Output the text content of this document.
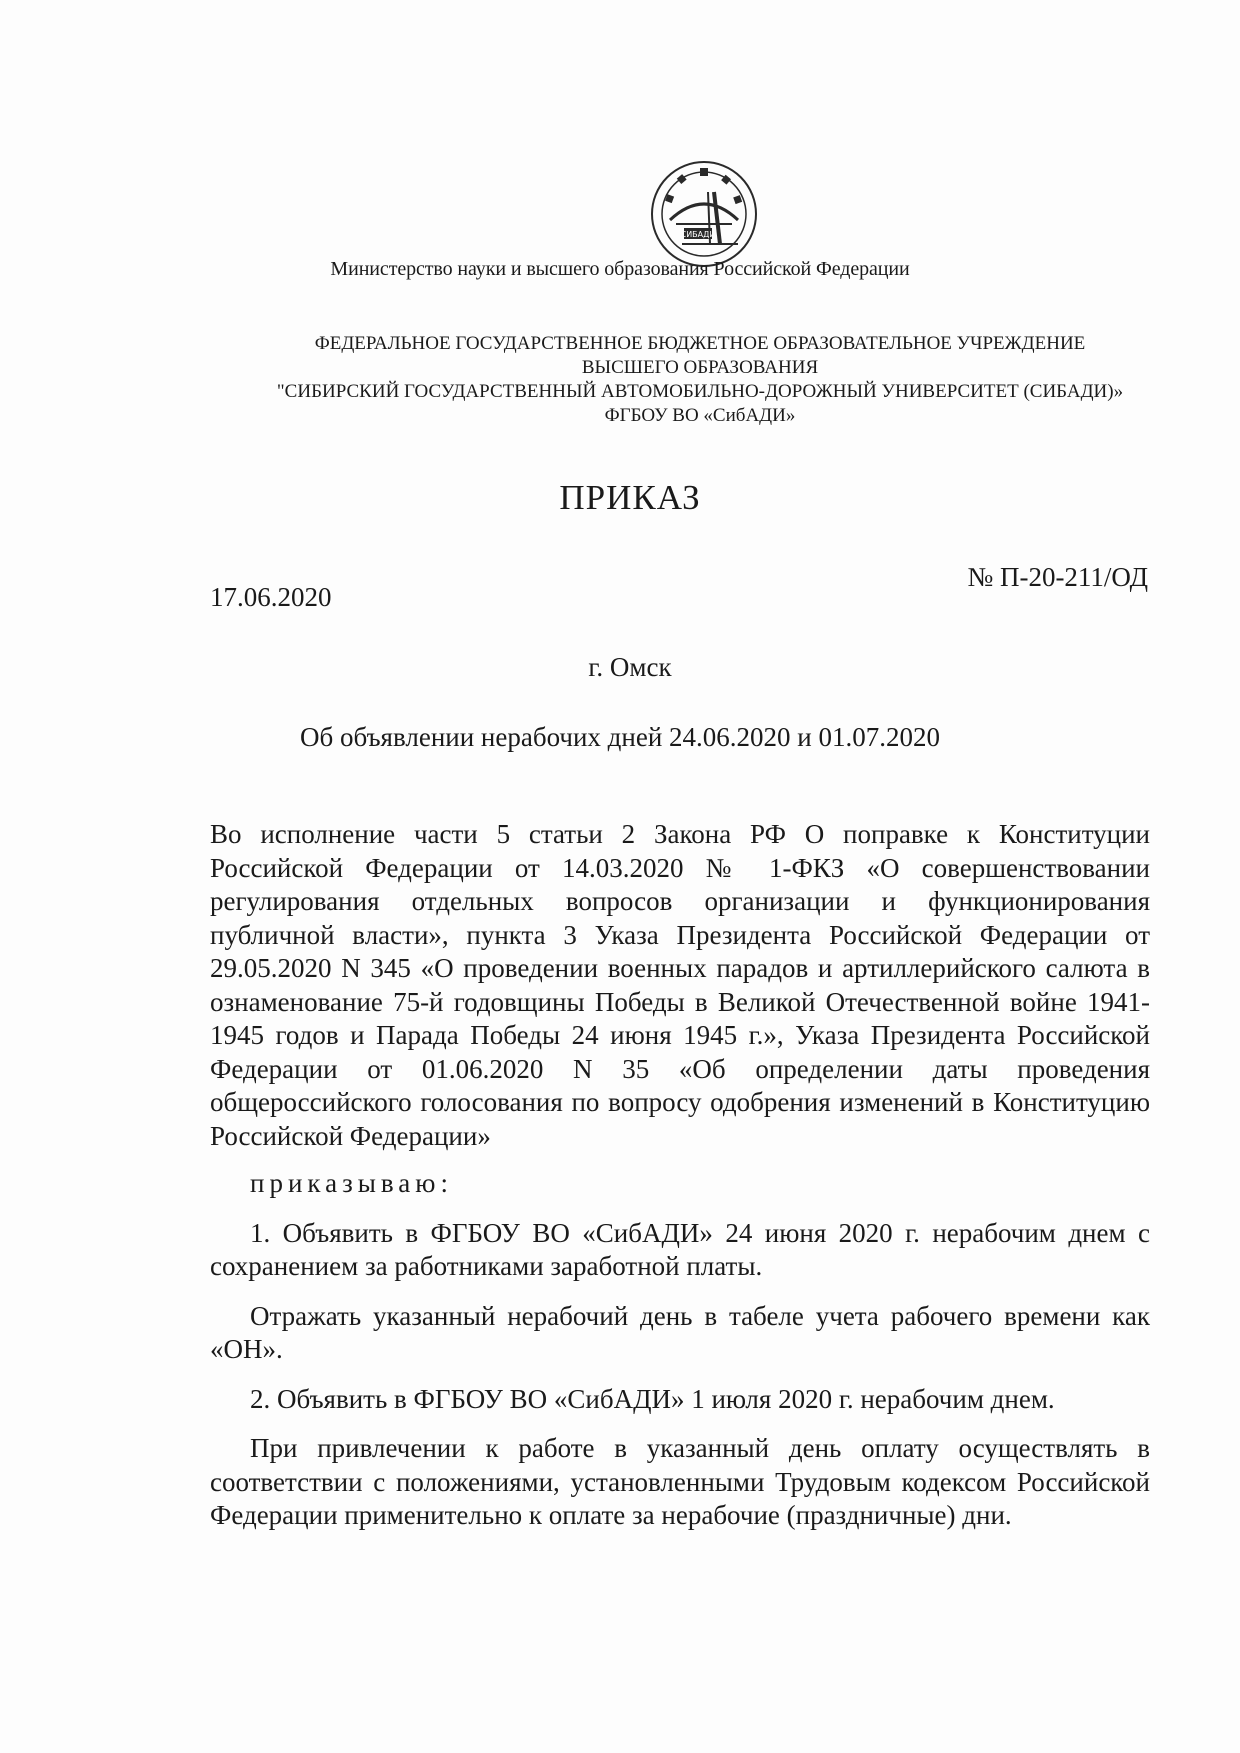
СИБАДИ
Министерство науки и высшего образования Российской Федерации
ФЕДЕРАЛЬНОЕ ГОСУДАРСТВЕННОЕ БЮДЖЕТНОЕ ОБРАЗОВАТЕЛЬНОЕ УЧРЕЖДЕНИЕ
ВЫСШЕГО ОБРАЗОВАНИЯ
"СИБИРСКИЙ ГОСУДАРСТВЕННЫЙ АВТОМОБИЛЬНО-ДОРОЖНЫЙ УНИВЕРСИТЕТ (СИБАДИ)»
ФГБОУ ВО «СибАДИ»
ПРИКАЗ
17.06.2020
№ П-20-211/ОД
г. Омск
Об объявлении нерабочих дней 24.06.2020 и 01.07.2020

Во исполнение части 5 статьи 2 Закона РФ О поправке к Конституции Российской Федерации от 14.03.2020 № 1-ФКЗ «О совершенствовании регулирования отдельных вопросов организации и функционирования публичной власти», пункта 3 Указа Президента Российской Федерации от 29.05.2020 N 345 «О проведении военных парадов и артиллерийского салюта в ознаменование 75-й годовщины Победы в Великой Отечественной войне 1941-1945 годов и Парада Победы 24 июня 1945 г.», Указа Президента Российской Федерации от 01.06.2020 N 35 «Об определении даты проведения общероссийского голосования по вопросу одобрения изменений в Конституцию Российской Федерации»

приказываю:

1. Объявить в ФГБОУ ВО «СибАДИ» 24 июня 2020 г. нерабочим днем с сохранением за работниками заработной платы.

Отражать указанный нерабочий день в табеле учета рабочего времени как «ОН».

2. Объявить в ФГБОУ ВО «СибАДИ» 1 июля 2020 г. нерабочим днем.

При привлечении к работе в указанный день оплату осуществлять в соответствии с положениями, установленными Трудовым кодексом Российской Федерации применительно к оплате за нерабочие (праздничные) дни.
